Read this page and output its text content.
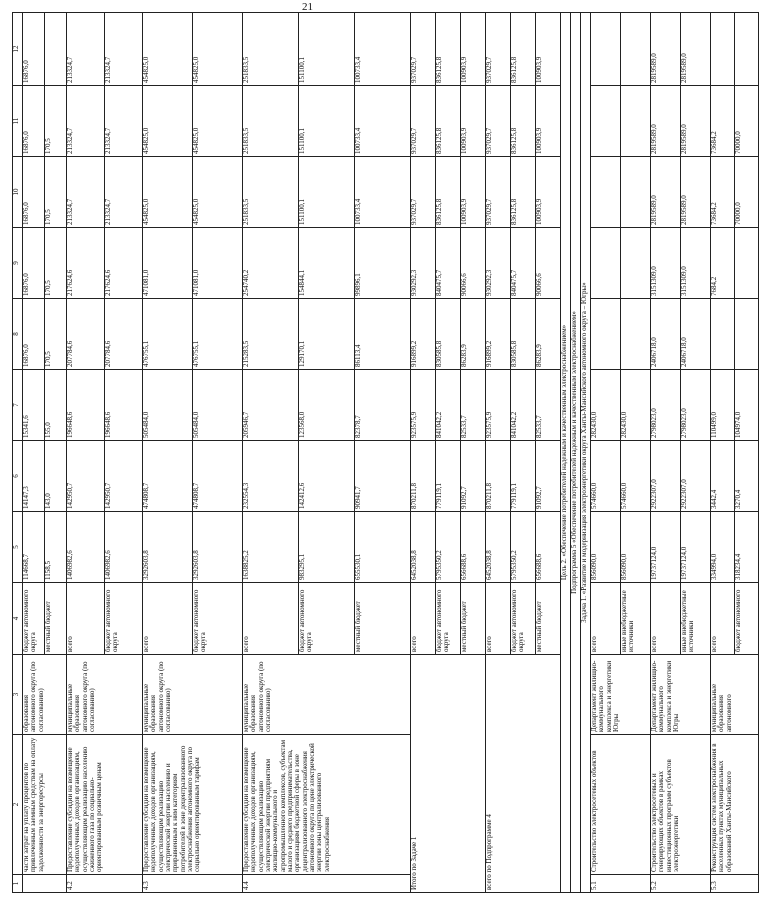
21
1	2	3	4	5	6	7	8	9	10	11	12
	части затрат на уплату процентов по привлеченным заемным средствам на оплату задолженности за энергоресурсы	образования автономного округа (по согласованию)	бюджет автономного округа	114668,7	14147,3	15341,6	16876,0	16876,0	16876,0	16876,0	16876,0
			местный бюджет	1158,5	143,0	155,0	170,5	170,5	170,5	170,5	
4.2	Предоставление субсидии на возмещение недополученных доходов организациям, осуществляющим реализацию населению сжиженного газа по социально-ориентированным розничным ценам	муниципальные образования автономного округа (по согласованию)	всего	1406982,6	142950,7	196648,6	207784,6	217624,6	213324,7	213324,7	213324,7
			бюджет автономного округа	1406982,6	142950,7	196648,6	207784,6	217624,6	213324,7	213324,7	213324,7
4.3	Предоставление субсидии на возмещение недополученных доходов организациям, осуществляющим реализацию электрической энергии населению и приравненным к ним категориям потребителей в зоне децентрализованного электроснабжения автономного округа по социально ориентированным тарифам	муниципальные образования автономного округа (по согласованию)	всего	3292603,8	474808,7	505484,0	476755,1	471081,0	454825,0	454825,0	454825,0
			бюджет автономного округа	3292603,8	474808,7	505484,0	476755,1	471081,0	454825,0	454825,0	454825,0
4.4	Предоставление субсидии на возмещение недополученных доходов организациям, осуществляющим реализацию электрической энергии предприятиям жилищно-коммунального и агропромышленного комплексов, субъектам малого и среднего предпринимательства, организациям бюджетной сферы в зоне децентрализованного электроснабжения автономного округа по цене электрической энергии зоны централизованного электроснабжения	муниципальные образования автономного округа (по согласованию)	всего	1638825,2	232554,3	205946,7	215283,5	254740,2	251833,5	251833,5	251833,5
			бюджет автономного округа	983295,1	142412,6	123568,0	129170,1	154844,1	151100,1	151100,1	151100,1
			местный бюджет	655530,1	90941,7	82378,7	86113,4	99896,1	100733,4	100733,4	100733,4
Итого по Задаче 1			всего	6452038,8	870211,8	923575,9	916899,2	930292,3	937029,7	937029,7	937029,7
			бюджет автономного округа	5795350,2	779119,1	841042,2	830585,8	840475,7	836125,8	836125,8	836125,8
			местный бюджет	656688,6	91092,7	82533,7	86283,9	90066,6	100903,9	100903,9	100903,9
всего по Подпрограмме 4			всего	6452038,8	870211,8	923575,9	916899,2	930292,3	937029,7	937029,7	937029,7
			бюджет автономного округа	5795350,2	779119,1	841042,2	830585,8	840475,7	836125,8	836125,8	836125,8
			местный бюджет	656688,6	91092,7	82533,7	86283,9	90066,6	100903,9	100903,9	100903,9
Цель 2. «Обеспечение потребителей надежным и качественным электроснабжением»											
Подпрограмма 5 «Обеспечение потребителей надежным и качественным электроснабжением»											
Задача 1. «Развитие и модернизация электроэнергетики округа Ханты-Мансийского автономного округа – Югры»											
5.1	Строительство электросетевых объектов	Департамент жилищно-коммунального комплекса и энергетики Югры	всего	856090,0	574660,0	282430,0					
			иные внебюджетные источники	856090,0	574660,0	282430,0					
5.2	Строительство электросетевых и генерирующих объектов в рамках инвестиционных программ субъектов электроэнергетики	Департамент жилищно-коммунального комплекса и энергетики Югры	всего	19737124,0	2922307,0	2798023,0	2406718,0	3151309,0	2819589,0	2819589,0	2819589,0
			иные внебюджетные источники	19737124,0	2922307,0	2798023,0	2406718,0	3151309,0	2819589,0	2819589,0	2819589,0
5.3	Реконструкция систем электроснабжения в населенных пунктах муниципальных образований Ханты-Мансийского	муниципальные образования автономного	всего	334994,0	3442,4	110499,0		7684,2	73684,2	73684,2	
			бюджет автономного	318234,4	3270,4	104974,0			70000,0	70000,0	
